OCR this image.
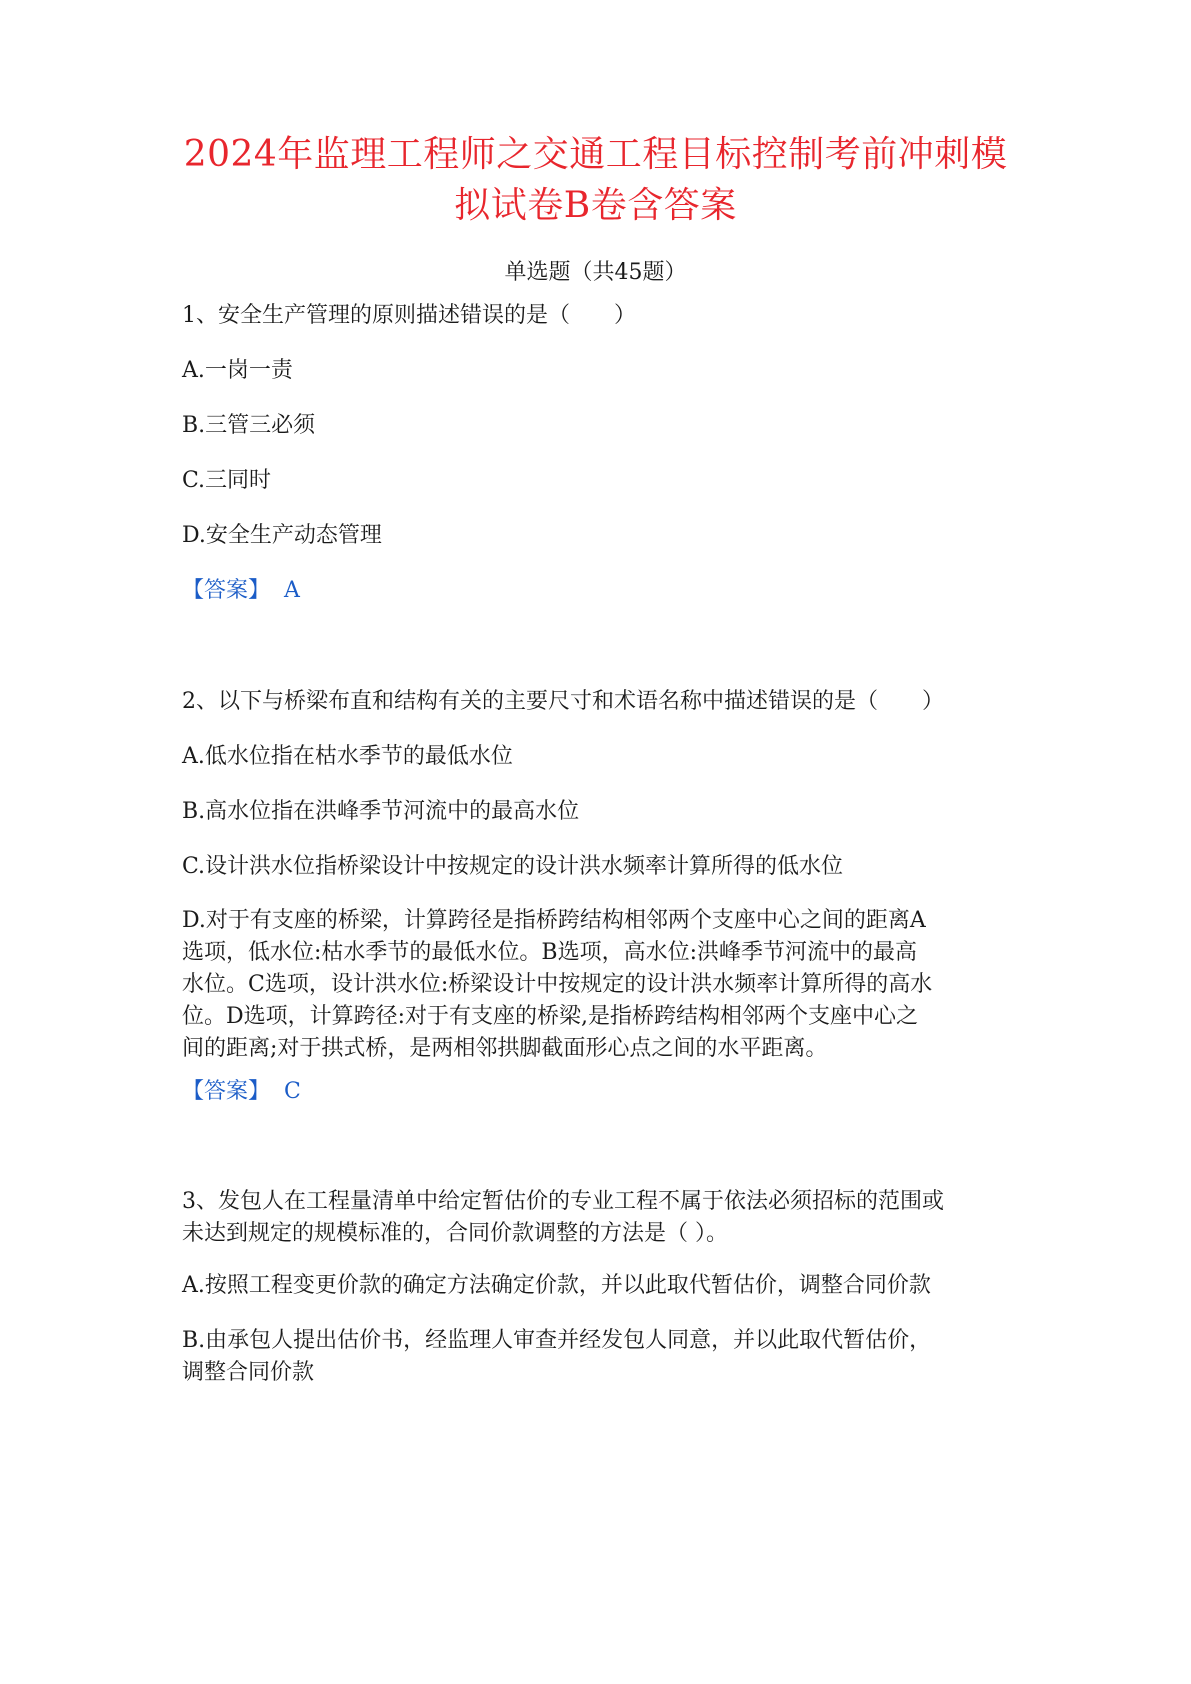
2024年监理工程师之交通工程目标控制考前冲刺模
拟试卷B卷含答案
单选题（共45题）
1、安全生产管理的原则描述错误的是（　　）
A.一岗一责
B.三管三必须
C.三同时
D.安全生产动态管理
【答案】 A
2、以下与桥梁布直和结构有关的主要尺寸和术语名称中描述错误的是（　　）
A.低水位指在枯水季节的最低水位
B.高水位指在洪峰季节河流中的最高水位
C.设计洪水位指桥梁设计中按规定的设计洪水频率计算所得的低水位
D.对于有支座的桥梁，计算跨径是指桥跨结构相邻两个支座中心之间的距离A
选项，低水位:枯水季节的最低水位。B选项，高水位:洪峰季节河流中的最高
水位。C选项，设计洪水位:桥梁设计中按规定的设计洪水频率计算所得的高水
位。D选项，计算跨径:对于有支座的桥梁,是指桥跨结构相邻两个支座中心之
间的距离;对于拱式桥，是两相邻拱脚截面形心点之间的水平距离。
【答案】 C
3、发包人在工程量清单中给定暂估价的专业工程不属于依法必须招标的范围或
未达到规定的规模标准的，合同价款调整的方法是（ ）。
A.按照工程变更价款的确定方法确定价款，并以此取代暂估价，调整合同价款
B.由承包人提出估价书，经监理人审查并经发包人同意，并以此取代暂估价，
调整合同价款
